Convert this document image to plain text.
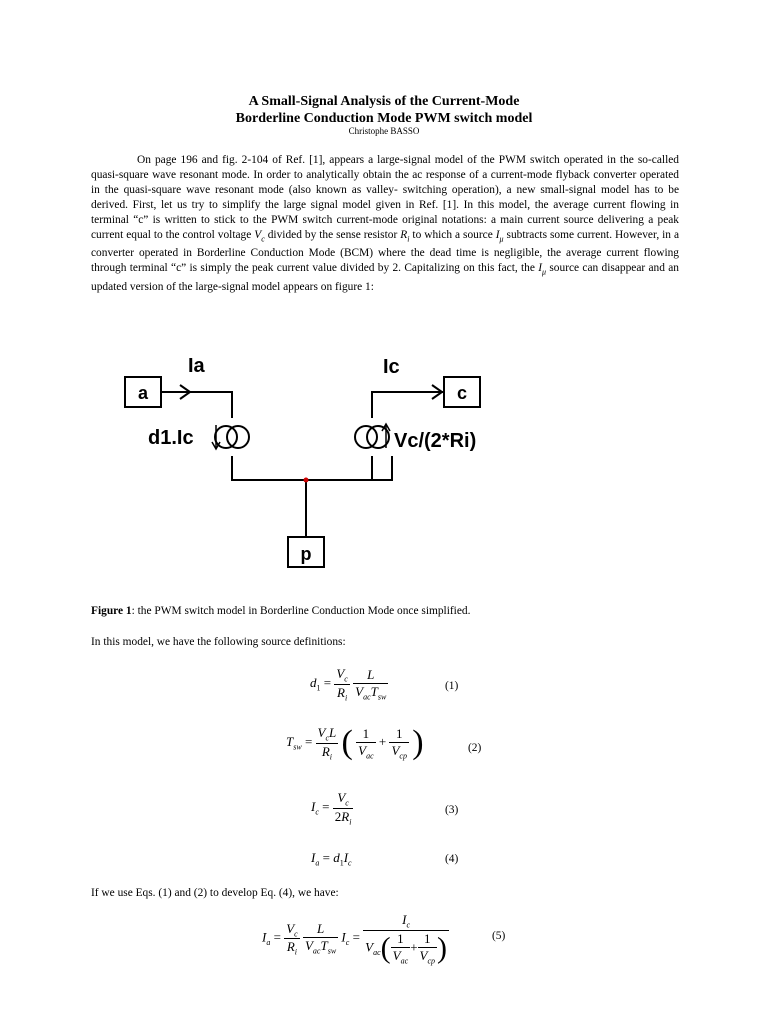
A Small-Signal Analysis of the Current-Mode
Borderline Conduction Mode PWM switch model
Christophe BASSO
On page 196 and fig. 2-104 of Ref. [1], appears a large-signal model of the PWM switch operated in the so-called quasi-square wave resonant mode. In order to analytically obtain the ac response of a current-mode flyback converter operated in the quasi-square wave resonant mode (also known as valley- switching operation), a new small-signal model has to be derived. First, let us try to simplify the large signal model given in Ref. [1]. In this model, the average current flowing in terminal “c” is written to stick to the PWM switch current-mode original notations: a main current source delivering a peak current equal to the control voltage $V_c$ divided by the sense resistor $R_i$ to which a source $I_\mu$ subtracts some current. However, in a converter operated in Borderline Conduction Mode (BCM) where the dead time is negligible, the average current flowing through terminal “c” is simply the peak current value divided by 2. Capitalizing on this fact, the $I_\mu$ source can disappear and an updated version of the large-signal model appears on figure 1:
a	c
p
Ia	Ic
d1.Ic	Vc/(2*Ri)
Figure 1: the PWM switch model in Borderline Conduction Mode once simplified.
In this model, we have the following source definitions:
$d_1 = \frac{V_c}{R_i}$
$\frac{L}{V_{ac}T_{sw}}$	(1)
$T_{sw} = \frac{V_cL}{R_i}$ ( $\frac{1}{V_{ac}} + \frac{1}{V_{cp}}$ )	(2)
$I_c = \frac{V_c}{2R_i}$	(3)
$I_a = d_1I_c$	(4)
If we use Eqs. (1) and (2) to develop Eq. (4), we have:
$I_a = \frac{V_c}{R_i}$
$\frac{L}{V_{ac}T_{sw}} I_c = \frac{I_c}{V_{ac}( \frac{1}{V_{ac}} + \frac{1}{V_{cp}} )}$	(5)
